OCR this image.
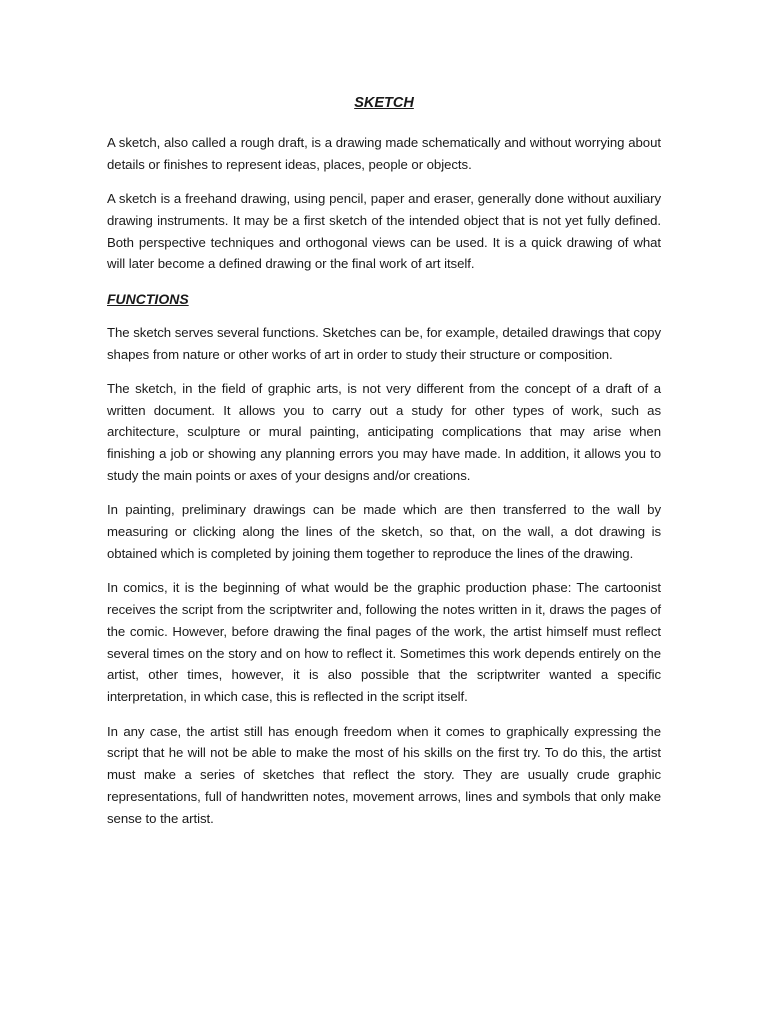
SKETCH

A sketch, also called a rough draft, is a drawing made schematically and without worrying about details or finishes to represent ideas, places, people or objects.

A sketch is a freehand drawing, using pencil, paper and eraser, generally done without auxiliary drawing instruments. It may be a first sketch of the intended object that is not yet fully defined. Both perspective techniques and orthogonal views can be used. It is a quick drawing of what will later become a defined drawing or the final work of art itself.

FUNCTIONS

The sketch serves several functions. Sketches can be, for example, detailed drawings that copy shapes from nature or other works of art in order to study their structure or composition.

The sketch, in the field of graphic arts, is not very different from the concept of a draft of a written document. It allows you to carry out a study for other types of work, such as architecture, sculpture or mural painting, anticipating complications that may arise when finishing a job or showing any planning errors you may have made. In addition, it allows you to study the main points or axes of your designs and/or creations.

In painting, preliminary drawings can be made which are then transferred to the wall by measuring or clicking along the lines of the sketch, so that, on the wall, a dot drawing is obtained which is completed by joining them together to reproduce the lines of the drawing.

In comics, it is the beginning of what would be the graphic production phase: The cartoonist receives the script from the scriptwriter and, following the notes written in it, draws the pages of the comic. However, before drawing the final pages of the work, the artist himself must reflect several times on the story and on how to reflect it. Sometimes this work depends entirely on the artist, other times, however, it is also possible that the scriptwriter wanted a specific interpretation, in which case, this is reflected in the script itself.

In any case, the artist still has enough freedom when it comes to graphically expressing the script that he will not be able to make the most of his skills on the first try. To do this, the artist must make a series of sketches that reflect the story. They are usually crude graphic representations, full of handwritten notes, movement arrows, lines and symbols that only make sense to the artist.
